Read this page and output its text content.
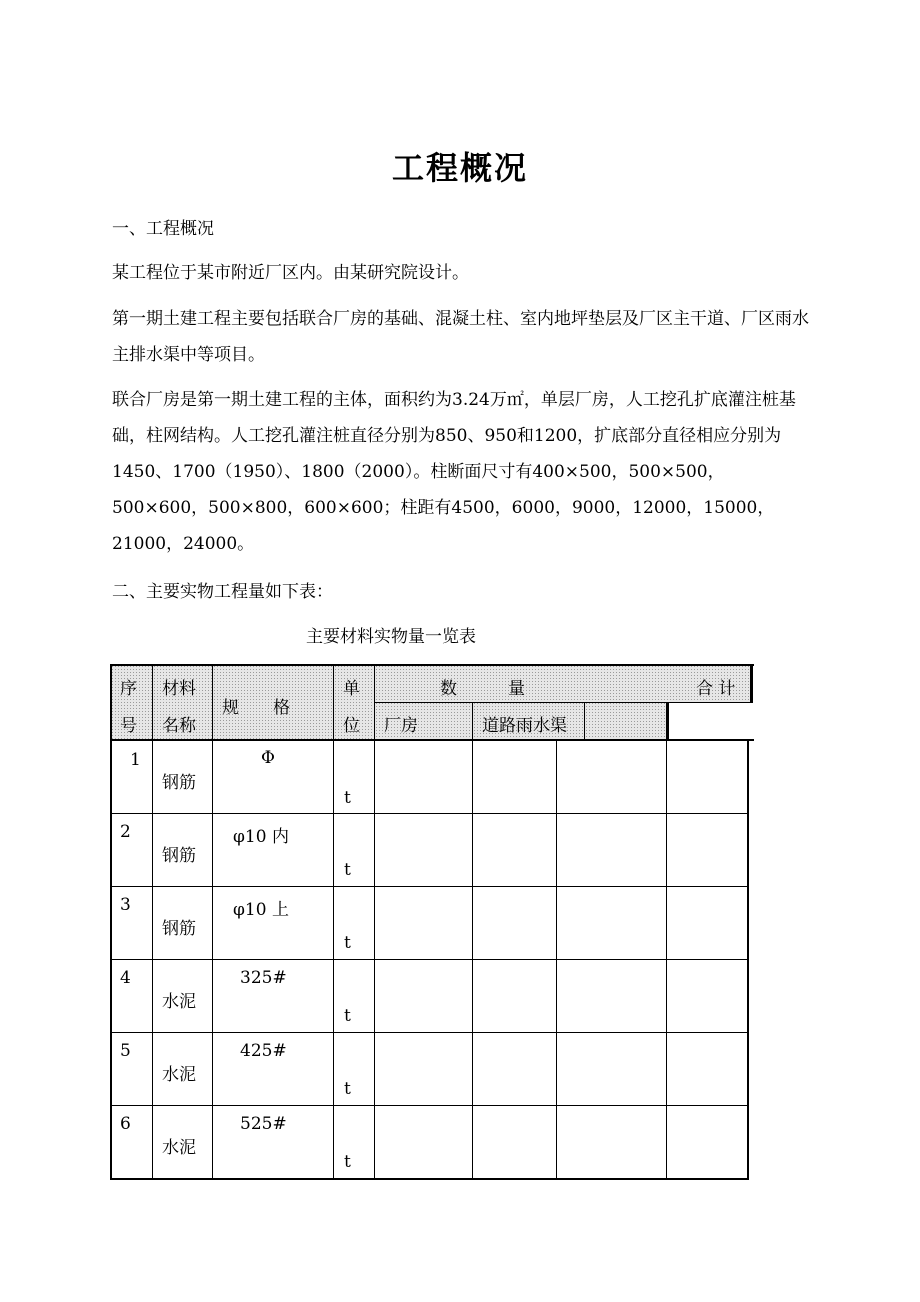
工程概况

一、工程概况

某工程位于某市附近厂区内。由某研究院设计。

第一期土建工程主要包括联合厂房的基础、混凝土柱、室内地坪垫层及厂区主干道、厂区雨水主排水渠中等项目。

联合厂房是第一期土建工程的主体，面积约为3.24万㎡，单层厂房，人工挖孔扩底灌注桩基础，柱网结构。人工挖孔灌注桩直径分别为850、950和1200，扩底部分直径相应分别为1450、1700（1950）、1800（2000）。柱断面尺寸有400×500，500×500，500×600，500×800，600×600；柱距有4500，6000，9000，12000，15000，21000，24000。

二、主要实物工程量如下表：

主要材料实物量一览表
序
号
材料
名称
规　　格
单
位
数　　　量	合 计
厂房	道路雨水渠
1
钢筋
Φ
t
2
钢筋
φ10 内
t
3
钢筋
φ10 上
t
4
水泥
325#
t
5
水泥
425#
t
6
水泥
525#
t
